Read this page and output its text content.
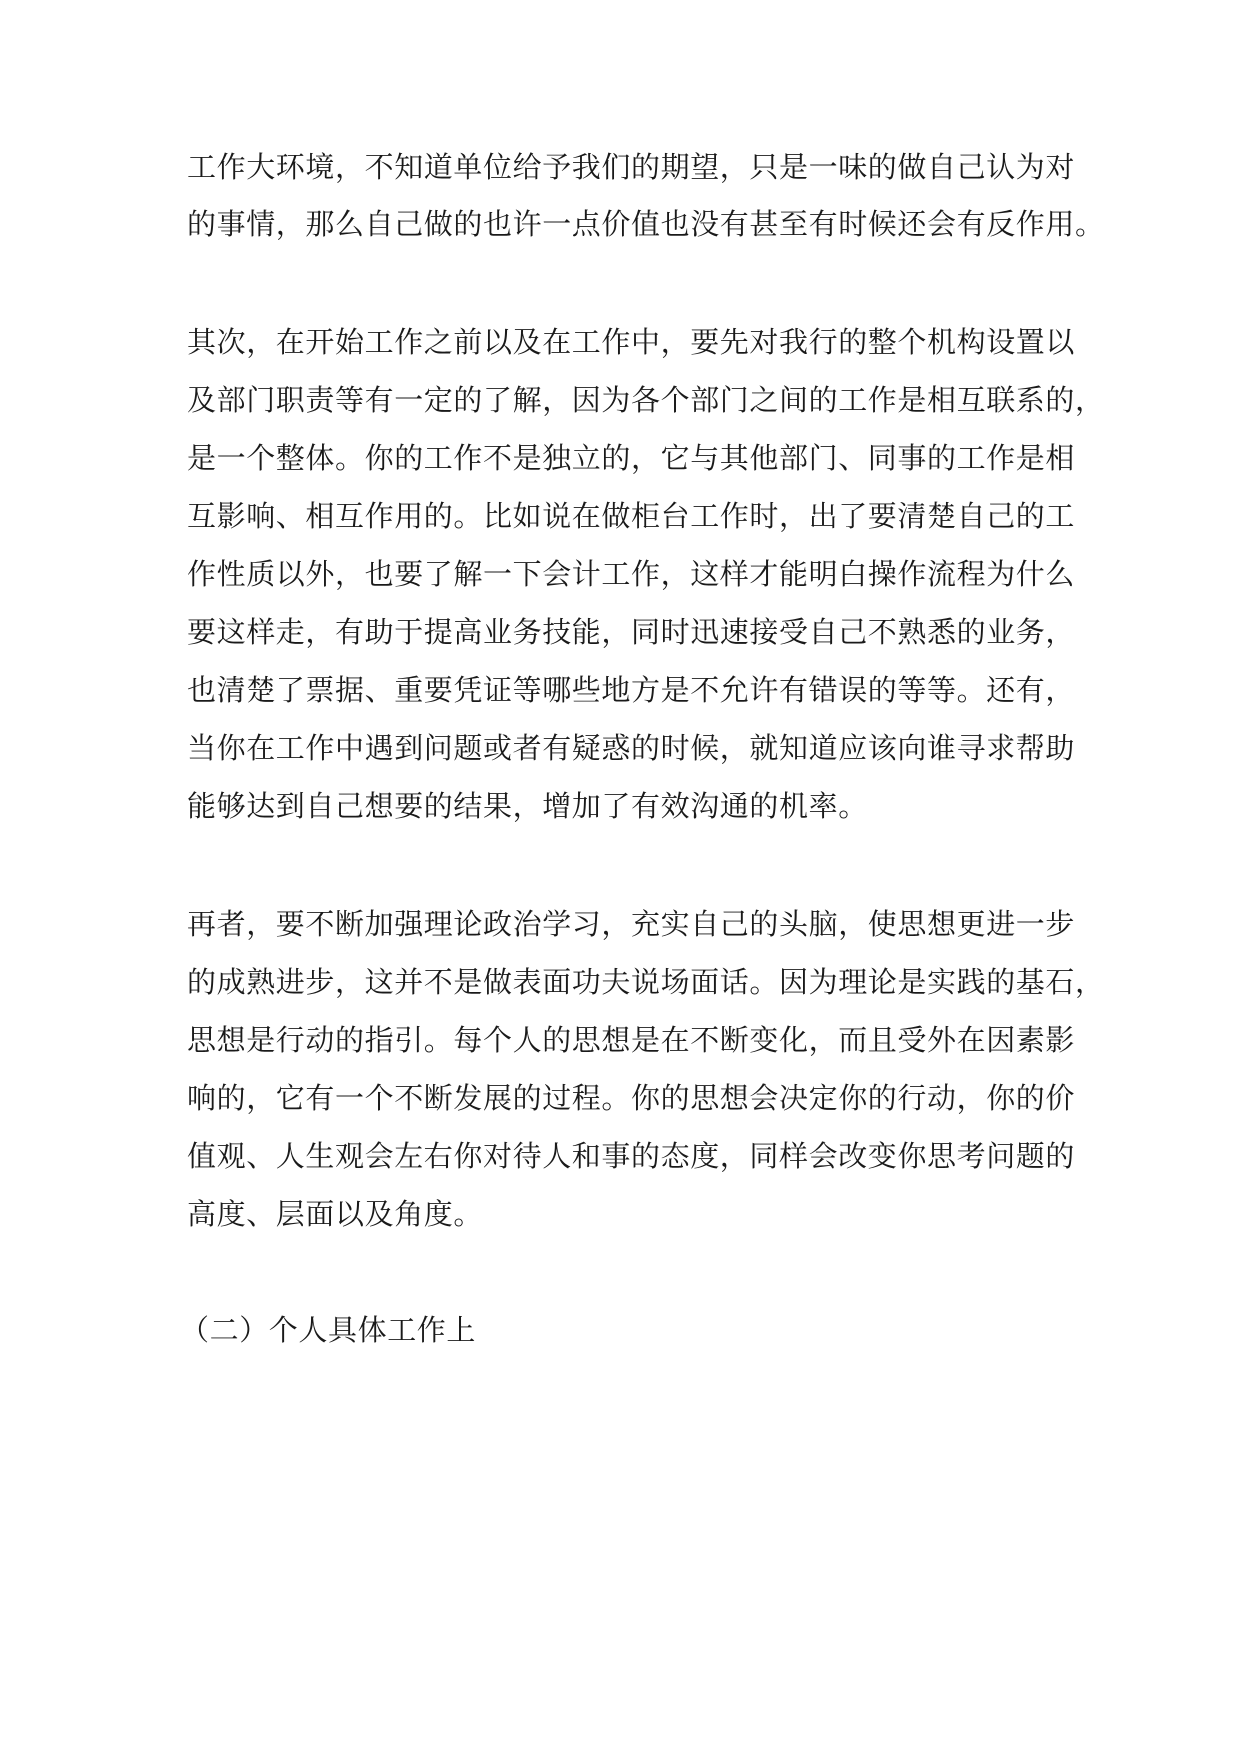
工作大环境，不知道单位给予我们的期望，只是一味的做自己认为对
的事情，那么自己做的也许一点价值也没有甚至有时候还会有反作用。
其次，在开始工作之前以及在工作中，要先对我行的整个机构设置以
及部门职责等有一定的了解，因为各个部门之间的工作是相互联系的，
是一个整体。你的工作不是独立的，它与其他部门、同事的工作是相
互影响、相互作用的。比如说在做柜台工作时，出了要清楚自己的工
作性质以外，也要了解一下会计工作，这样才能明白操作流程为什么
要这样走，有助于提高业务技能，同时迅速接受自己不熟悉的业务，
也清楚了票据、重要凭证等哪些地方是不允许有错误的等等。还有，
当你在工作中遇到问题或者有疑惑的时候，就知道应该向谁寻求帮助
能够达到自己想要的结果，增加了有效沟通的机率。
再者，要不断加强理论政治学习，充实自己的头脑，使思想更进一步
的成熟进步，这并不是做表面功夫说场面话。因为理论是实践的基石，
思想是行动的指引。每个人的思想是在不断变化，而且受外在因素影
响的，它有一个不断发展的过程。你的思想会决定你的行动，你的价
值观、人生观会左右你对待人和事的态度，同样会改变你思考问题的
高度、层面以及角度。
（二）个人具体工作上
